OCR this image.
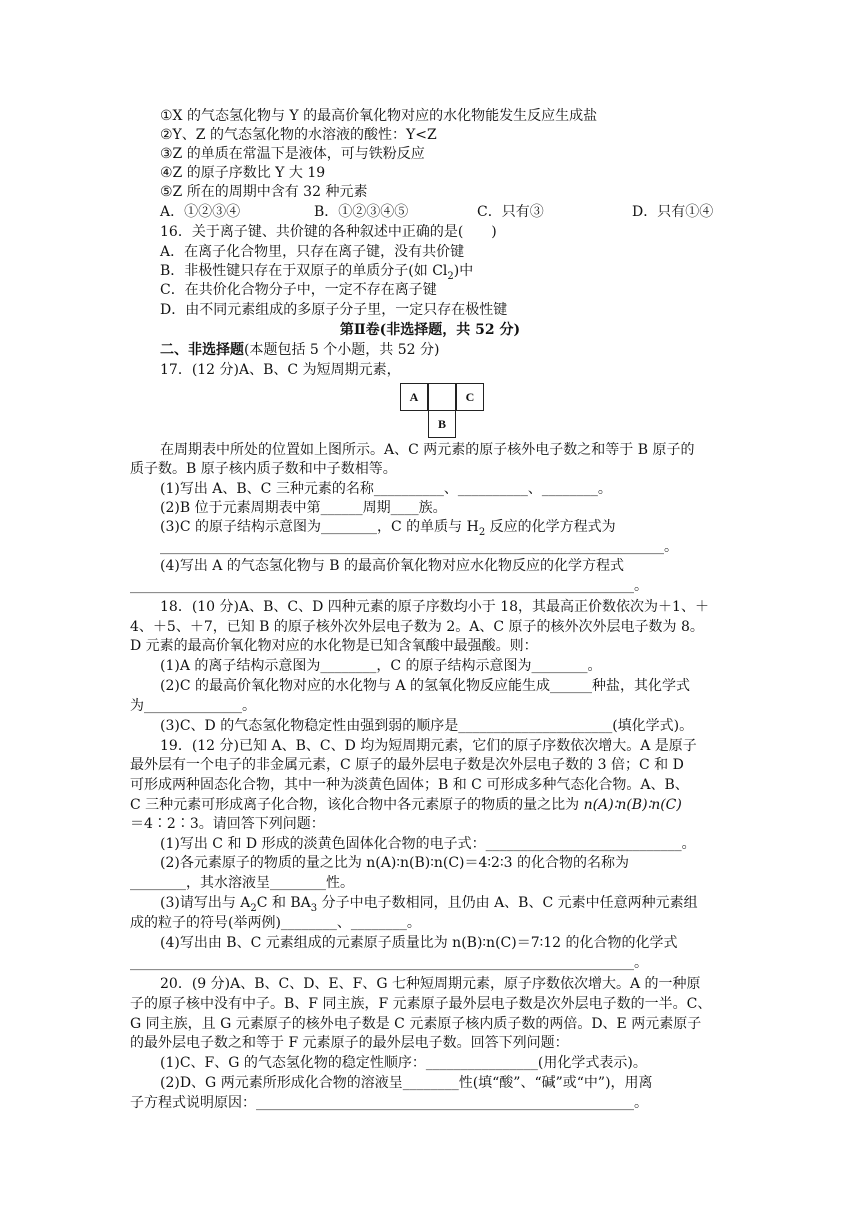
①X 的气态氢化物与 Y 的最高价氧化物对应的水化物能发生反应生成盐
②Y、Z 的气态氢化物的水溶液的酸性：Y<Z
③Z 的单质在常温下是液体，可与铁粉反应
④Z 的原子序数比 Y 大 19
⑤Z 所在的周期中含有 32 种元素
A．①②③④	B．①②③④⑤	C．只有③	D．只有①④
16．关于离子键、共价键的各种叙述中正确的是(　　)
A．在离子化合物里，只存在离子键，没有共价键
B．非极性键只存在于双原子的单质分子(如 $Cl_2$)中
C．在共价化合物分子中，一定不存在离子键
D．由不同元素组成的多原子分子里，一定只存在极性键
第Ⅱ卷(非选择题，共 52 分)
二、非选择题(本题包括 5 个小题，共 52 分)
17．(12 分)A、B、C 为短周期元素，
A	C
B
在周期表中所处的位置如上图所示。A、C 两元素的原子核外电子数之和等于 B 原子的
质子数。B 原子核内质子数和中子数相等。
(1)写出 A、B、C 三种元素的名称__________、__________、________。
(2)B 位于元素周期表中第______周期____族。
(3)C 的原子结构示意图为________，C 的单质与 $H_2$ 反应的化学方程式为
________________________________________________________________________。
(4)写出 A 的气态氢化物与 B 的最高价氧化物对应水化物反应的化学方程式
________________________________________________________________________。
18．(10 分)A、B、C、D 四种元素的原子序数均小于 18，其最高正价数依次为＋1、＋
4、＋5、＋7，已知 B 的原子核外次外层电子数为 2。A、C 原子的核外次外层电子数为 8。
D 元素的最高价氧化物对应的水化物是已知含氧酸中最强酸。则：
(1)A 的离子结构示意图为________，C 的原子结构示意图为________。
(2)C 的最高价氧化物对应的水化物与 A 的氢氧化物反应能生成______种盐，其化学式
为______________。
(3)C、D 的气态氢化物稳定性由强到弱的顺序是______________________(填化学式)。
19．(12 分)已知 A、B、C、D 均为短周期元素，它们的原子序数依次增大。A 是原子
最外层有一个电子的非金属元素，C 原子的最外层电子数是次外层电子数的 3 倍；C 和 D
可形成两种固态化合物，其中一种为淡黄色固体；B 和 C 可形成多种气态化合物。A、B、
C 三种元素可形成离子化合物，该化合物中各元素原子的物质的量之比为 n(A)∶n(B)∶n(C)
＝4∶2∶3。请回答下列问题：
(1)写出 C 和 D 形成的淡黄色固体化合物的电子式：____________________________。
(2)各元素原子的物质的量之比为 n(A)∶n(B)∶n(C)＝4∶2∶3 的化合物的名称为
________，其水溶液呈________性。
(3)请写出与 $A_2C$ 和 $BA_3$ 分子中电子数相同，且仍由 A、B、C 元素中任意两种元素组
成的粒子的符号(举两例)________、________。
(4)写出由 B、C 元素组成的元素原子质量比为 n(B)∶n(C)＝7∶12 的化合物的化学式
________________________________________________________________________。
20．(9 分)A、B、C、D、E、F、G 七种短周期元素，原子序数依次增大。A 的一种原
子的原子核中没有中子。B、F 同主族，F 元素原子最外层电子数是次外层电子数的一半。C、
G 同主族，且 G 元素原子的核外电子数是 C 元素原子核内质子数的两倍。D、E 两元素原子
的最外层电子数之和等于 F 元素原子的最外层电子数。回答下列问题：
(1)C、F、G 的气态氢化物的稳定性顺序：________________(用化学式表示)。
(2)D、G 两元素所形成化合物的溶液呈________性(填“酸”、“碱”或“中”)，用离
子方程式说明原因：______________________________________________________。
